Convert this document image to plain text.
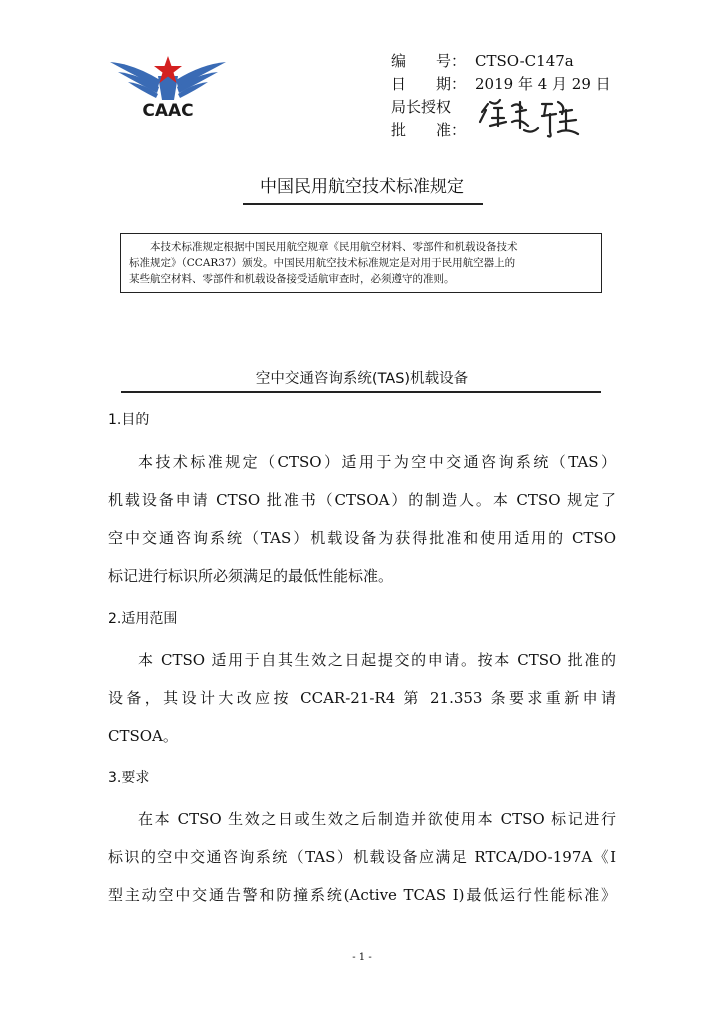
CAAC
编　　号： CTSO-C147a
日　　期： 2019 年 4 月 29 日
局长授权
批　　准：
中国民用航空技术标准规定
本技术标准规定根据中国民用航空规章《民用航空材料、零部件和机载设备技术
标准规定》（CCAR37）颁发。中国民用航空技术标准规定是对用于民用航空器上的
某些航空材料、零部件和机载设备接受适航审查时，必须遵守的准则。
空中交通咨询系统(TAS)机载设备
1.目的
本技术标准规定（CTSO）适用于为空中交通咨询系统（TAS）
机载设备申请 CTSO 批准书（CTSOA）的制造人。本 CTSO 规定了
空中交通咨询系统（TAS）机载设备为获得批准和使用适用的 CTSO
标记进行标识所必须满足的最低性能标准。
2.适用范围
本 CTSO 适用于自其生效之日起提交的申请。按本 CTSO 批准的
设备，其设计大改应按 CCAR-21-R4 第 21.353 条要求重新申请
CTSOA。
3.要求
在本 CTSO 生效之日或生效之后制造并欲使用本 CTSO 标记进行
标识的空中交通咨询系统（TAS）机载设备应满足 RTCA/DO-197A《I
型主动空中交通告警和防撞系统(Active TCAS I)最低运行性能标准》
- 1 -
